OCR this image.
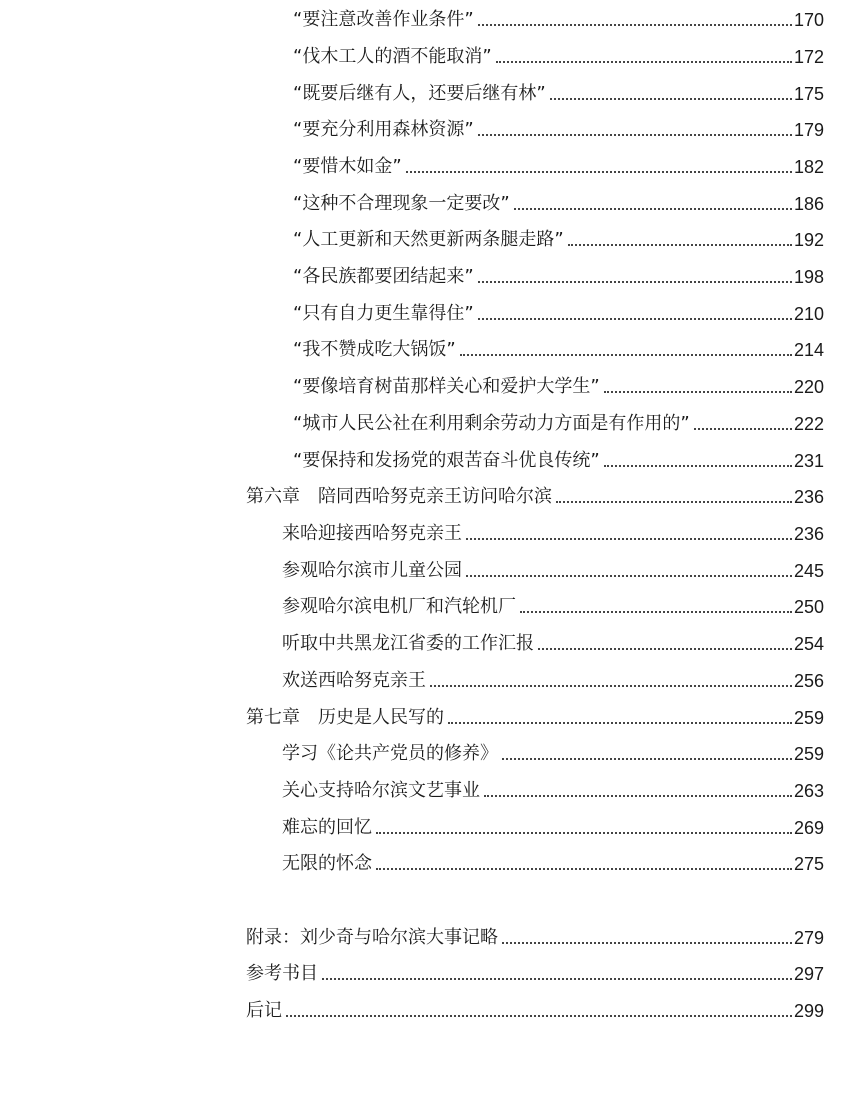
“要注意改善作业条件”	170
“伐木工人的酒不能取消”	172
“既要后继有人，还要后继有林”	175
“要充分利用森林资源”	179
“要惜木如金”	182
“这种不合理现象一定要改”	186
“人工更新和天然更新两条腿走路”	192
“各民族都要团结起来”	198
“只有自力更生靠得住”	210
“我不赞成吃大锅饭”	214
“要像培育树苗那样关心和爱护大学生”	220
“城市人民公社在利用剩余劳动力方面是有作用的”	222
“要保持和发扬党的艰苦奋斗优良传统”	231
第六章　陪同西哈努克亲王访问哈尔滨	236
来哈迎接西哈努克亲王	236
参观哈尔滨市儿童公园	245
参观哈尔滨电机厂和汽轮机厂	250
听取中共黑龙江省委的工作汇报	254
欢送西哈努克亲王	256
第七章　历史是人民写的	259
学习《论共产党员的修养》	259
关心支持哈尔滨文艺事业	263
难忘的回忆	269
无限的怀念	275
附录：刘少奇与哈尔滨大事记略	279
参考书目	297
后记	299
